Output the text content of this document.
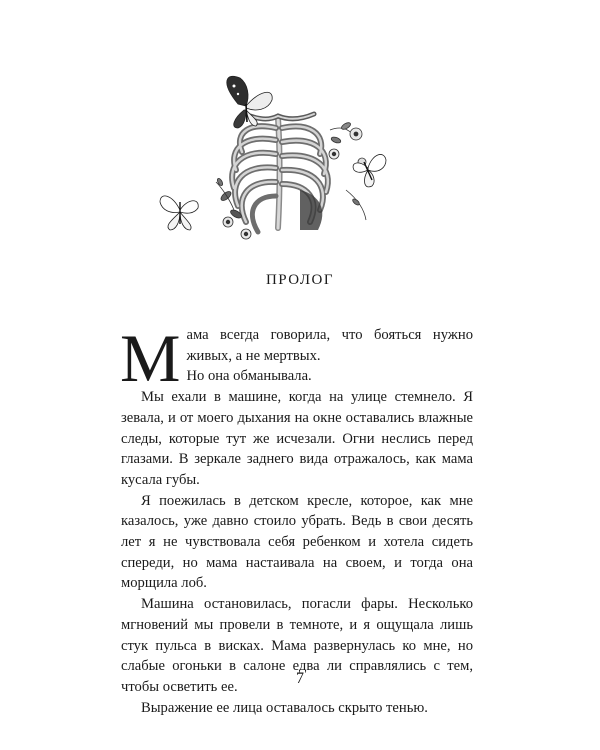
ПРОЛОГ

Мама всегда говорила, что бояться нужно живых, а не мертвых.

Но она обманывала.

Мы ехали в машине, когда на улице стемнело. Я зевала, и от моего дыхания на окне оставались влажные следы, которые тут же исчезали. Огни неслись перед глазами. В зеркале заднего вида отражалось, как мама кусала губы.

Я поежилась в детском кресле, которое, как мне казалось, уже давно стоило убрать. Ведь в свои десять лет я не чувствовала себя ребенком и хотела сидеть спереди, но мама настаивала на своем, и тогда она морщила лоб.

Машина остановилась, погасли фары. Несколько мгновений мы провели в темноте, и я ощущала лишь стук пульса в висках. Мама развернулась ко мне, но слабые огоньки в салоне едва ли справлялись с тем, чтобы осветить ее.

Выражение ее лица оставалось скрыто тенью.

7
